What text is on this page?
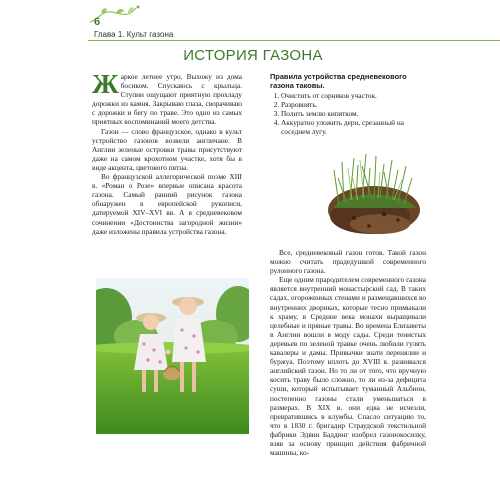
6
Глава 1. Культ газона
ИСТОРИЯ ГАЗОНА

Жаркое летнее утро. Выхожу из дома босиком. Спускаюсь с крыльца. Ступни ощущают приятную прохладу дорожки из камня. Закрываю глаза, сворачиваю с дорожки и бегу по траве. Это одно из самых приятных воспоминаний моего детства.

Газон — слово французское, однако в культ устройство газонов возвели англичане. В Англии зеленые островки травы присутствуют даже на самом крохотном участке, хотя бы в виде акцента, цветового пятна.

Во французской аллегорической поэме XIII в. «Роман о Розе» впервые описана красота газона. Самый ранний рисунок газона обнаружен в европейской рукописи, датируемой XIV–XVI вв. А в средневековом сочинении «Достоинства загородной жизни» даже изложены правила устройства газона.

Правила устройства средневекового газона таковы.
1. Очистить от сорняков участок.
2. Разровнять.
3. Полить землю кипятком.
4. Аккуратно уложить дерн, срезанный на соседнем лугу.

Все, средневековый газон готов. Такой газон можно считать прадедушкой современного рулонного газона.

Еще одним прародителем современного газона является внутренний монастырский сад. В таких садах, огороженных стенами и размещавшихся во внутренних двориках, которые тесно примыкали к храму, в Средние века монахи выращивали целебные и пряные травы. Во времена Елизаветы в Англии вошли в моду сады. Среди тенистых деревьев по зеленой травке очень любили гулять кавалеры и дамы. Привычки знати перенялии и буржуа. Поэтому вплоть до XVIII в. развивался английский газон. Но то ли от того, что вручную косить траву было сложно, то ли из-за дефицита суши, который испытывает туманный Альбион, постепенно газоны стали уменьшаться в размерах. В XIX в. они едва не исчезли, превратившись в клумбы. Спасло ситуацию то, что в 1830 г. бригадир Страудской текстильной фабрики Эдвин Баддинг изобрел газонокосилку, взяв за основу принцип действия фабричной машины, ко-
